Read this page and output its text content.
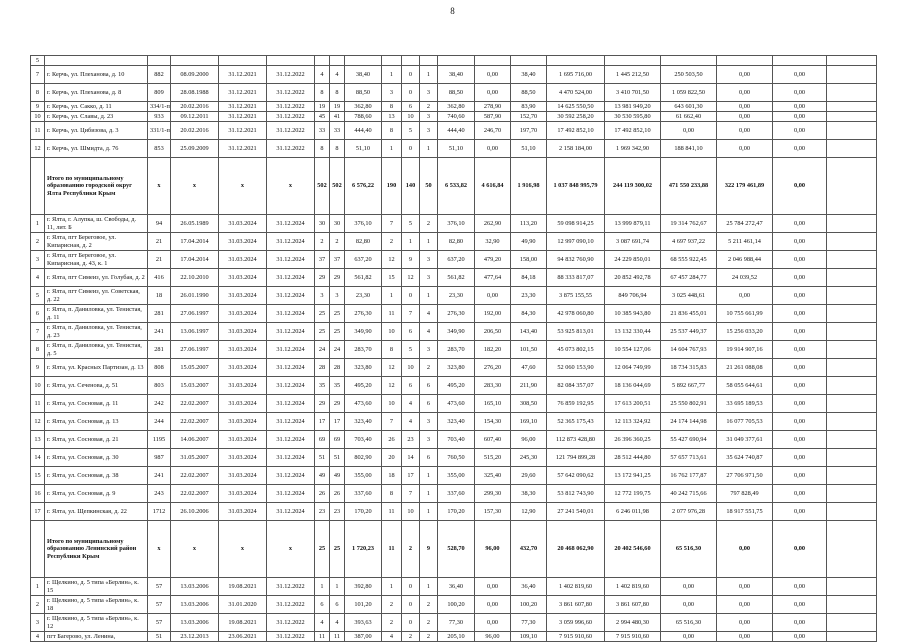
8
5																				
7	г. Керчь, ул. Плеханова, д. 10	882	08.09.2000	31.12.2021	31.12.2022	4	4	38,40	1	0	1	38,40	0,00	38,40	1 695 716,00	1 445 212,50	250 503,50	0,00	0,00	
8	г. Керчь, ул. Плеханова, д. 8	809	28.08.1988	31.12.2021	31.12.2022	8	8	88,50	3	0	3	88,50	0,00	88,50	4 470 524,00	3 410 701,50	1 059 822,50	0,00	0,00	
9	г. Керчь, ул. Сакко, д. 11	334/1-п	20.02.2016	31.12.2021	31.12.2022	19	19	362,80	8	6	2	362,80	278,90	83,90	14 625 550,50	13 981 949,20	643 601,30	0,00	0,00	
10	г. Керчь, ул. Славы, д. 23	933	09.12.2011	31.12.2021	31.12.2022	45	41	788,60	13	10	3	740,60	587,90	152,70	30 592 258,20	30 530 595,80	61 662,40	0,00	0,00	
11	г. Керчь, ул. Цибизова, д. 3	331/1-п	20.02.2016	31.12.2021	31.12.2022	33	33	444,40	8	5	3	444,40	246,70	197,70	17 492 852,10	17 492 852,10	0,00	0,00	0,00	
12	г. Керчь, ул. Шмидта, д. 76	853	25.09.2009	31.12.2021	31.12.2022	8	8	51,10	1	0	1	51,10	0,00	51,10	2 158 184,00	1 969 342,90	188 841,10	0,00	0,00	
	Итого по муниципальному образованию городской округ Ялта Республики Крым	x	x	x	x	502	502	6 576,22	190	140	50	6 533,82	4 616,84	1 916,98	1 037 848 995,79	244 119 300,02	471 550 233,88	322 179 461,89	0,00	
1	г. Ялта, г. Алупка, ш. Свободы, д. 11, лит. Б	94	26.05.1989	31.03.2024	31.12.2024	30	30	376,10	7	5	2	376,10	262,90	113,20	59 098 914,25	13 999 879,11	19 314 762,67	25 784 272,47	0,00	
2	г. Ялта, пгт Береговое, ул. Кипарисная, д. 2	21	17.04.2014	31.03.2024	31.12.2024	2	2	82,80	2	1	1	82,80	32,90	49,90	12 997 090,10	3 087 691,74	4 697 937,22	5 211 461,14	0,00	
3	г. Ялта, пгт Береговое, ул. Кипарисная, д. 43, к. 1	21	17.04.2014	31.03.2024	31.12.2024	37	37	637,20	12	9	3	637,20	479,20	158,00	94 832 760,90	24 229 850,01	68 555 922,45	2 046 988,44	0,00	
4	г. Ялта, пгт Симеиз, ул. Голубая, д. 2	416	22.10.2010	31.03.2024	31.12.2024	29	29	561,82	15	12	3	561,82	477,64	84,18	88 333 817,07	20 852 492,78	67 457 284,77	24 039,52	0,00	
5	г. Ялта, пгт Симеиз, ул. Советская, д. 22	18	26.01.1990	31.03.2024	31.12.2024	3	3	23,30	1	0	1	23,30	0,00	23,30	3 875 155,55	849 706,94	3 025 448,61	0,00	0,00	
6	г. Ялта, п. Даниловка, ул. Тенистая, д. 11	281	27.06.1997	31.03.2024	31.12.2024	25	25	276,30	11	7	4	276,30	192,00	84,30	42 978 060,80	10 385 943,80	21 836 455,01	10 755 661,99	0,00	
7	г. Ялта, п. Даниловка, ул. Тенистая, д. 23	241	13.06.1997	31.03.2024	31.12.2024	25	25	349,90	10	6	4	349,90	206,50	143,40	53 925 813,01	13 132 330,44	25 537 449,37	15 256 033,20	0,00	
8	г. Ялта, п. Даниловка, ул. Тенистая, д. 5	281	27.06.1997	31.03.2024	31.12.2024	24	24	283,70	8	5	3	283,70	182,20	101,50	45 073 802,15	10 554 127,06	14 604 767,93	19 914 907,16	0,00	
9	г. Ялта, ул. Красных Партизан, д. 13	808	15.05.2007	31.03.2024	31.12.2024	28	28	323,80	12	10	2	323,80	276,20	47,60	52 060 153,90	12 064 749,99	18 734 315,83	21 261 088,08	0,00	
10	г. Ялта, ул. Сеченова, д. 51	803	15.03.2007	31.03.2024	31.12.2024	35	35	495,20	12	6	6	495,20	283,30	211,90	82 084 357,07	18 136 044,69	5 892 667,77	58 055 644,61	0,00	
11	г. Ялта, ул. Сосновая, д. 11	242	22.02.2007	31.03.2024	31.12.2024	29	29	473,60	10	4	6	473,60	165,10	308,50	76 859 192,95	17 613 200,51	25 550 802,91	33 695 189,53	0,00	
12	г. Ялта, ул. Сосновая, д. 13	244	22.02.2007	31.03.2024	31.12.2024	17	17	323,40	7	4	3	323,40	154,30	169,10	52 365 175,43	12 113 324,92	24 174 144,98	16 077 705,53	0,00	
13	г. Ялта, ул. Сосновая, д. 21	1195	14.06.2007	31.03.2024	31.12.2024	69	69	703,40	26	23	3	703,40	607,40	96,00	112 873 428,80	26 396 360,25	55 427 690,94	31 049 377,61	0,00	
14	г. Ялта, ул. Сосновая, д. 30	987	31.05.2007	31.03.2024	31.12.2024	51	51	802,90	20	14	6	760,50	515,20	245,30	121 794 899,28	28 512 444,80	57 657 713,61	35 624 740,87	0,00	
15	г. Ялта, ул. Сосновая, д. 38	241	22.02.2007	31.03.2024	31.12.2024	49	49	355,00	18	17	1	355,00	325,40	29,60	57 642 090,62	13 172 941,25	16 762 177,87	27 706 971,50	0,00	
16	г. Ялта, ул. Сосновая, д. 9	243	22.02.2007	31.03.2024	31.12.2024	26	26	337,60	8	7	1	337,60	299,30	38,30	53 812 743,90	12 772 199,75	40 242 715,66	797 828,49	0,00	
17	г. Ялта, ул. Щепкинская, д. 22	1712	26.10.2006	31.03.2024	31.12.2024	23	23	170,20	11	10	1	170,20	157,30	12,90	27 241 540,01	6 246 011,98	2 077 976,28	18 917 551,75	0,00	
	Итого по муниципальному образованию Ленинский район Республики Крым	x	x	x	x	25	25	1 720,23	11	2	9	528,70	96,00	432,70	20 468 062,90	20 402 546,60	65 516,30	0,00	0,00	
1	г. Щелкино, д. 5 типа «Берлин», к. 15	57	13.03.2006	19.08.2021	31.12.2022	1	1	392,80	1	0	1	36,40	0,00	36,40	1 402 819,60	1 402 819,60	0,00	0,00	0,00	
2	г. Щелкино, д. 5 типа «Берлин», к. 18	57	13.03.2006	31.01.2020	31.12.2022	6	6	101,20	2	0	2	100,20	0,00	100,20	3 861 607,80	3 861 607,80	0,00	0,00	0,00	
3	г. Щелкино, д. 5 типа «Берлин», к. 12	57	13.03.2006	19.08.2021	31.12.2022	4	4	393,63	2	0	2	77,30	0,00	77,30	3 059 996,60	2 994 480,30	65 516,30	0,00	0,00	
4	пгт Багерово, ул. Ленина,	51	23.12.2013	23.06.2021	31.12.2022	11	11	387,00	4	2	2	205,10	96,00	109,10	7 915 910,60	7 915 910,60	0,00	0,00	0,00	
